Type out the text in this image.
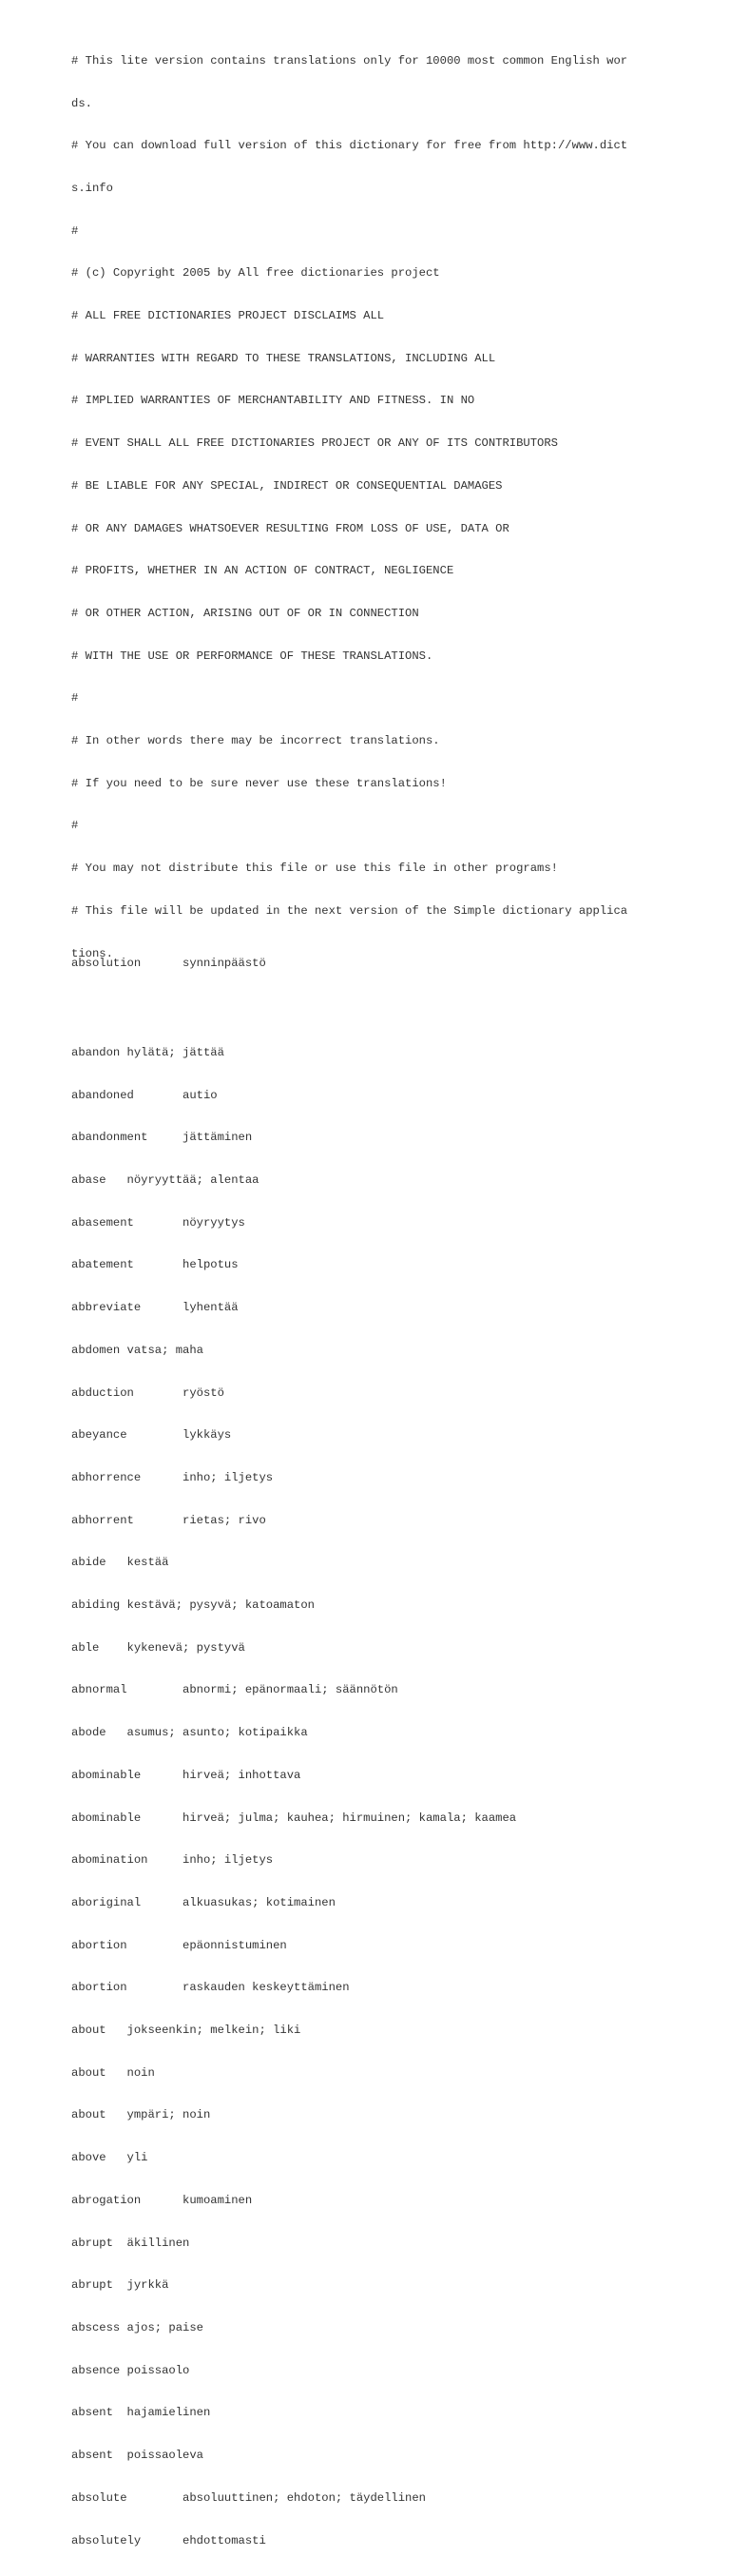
# This lite version contains translations only for 10000 most common English wor

ds.

# You can download full version of this dictionary for free from http://www.dict

s.info

#

# (c) Copyright 2005 by All free dictionaries project

# ALL FREE DICTIONARIES PROJECT DISCLAIMS ALL

# WARRANTIES WITH REGARD TO THESE TRANSLATIONS, INCLUDING ALL

# IMPLIED WARRANTIES OF MERCHANTABILITY AND FITNESS. IN NO

# EVENT SHALL ALL FREE DICTIONARIES PROJECT OR ANY OF ITS CONTRIBUTORS

# BE LIABLE FOR ANY SPECIAL, INDIRECT OR CONSEQUENTIAL DAMAGES

# OR ANY DAMAGES WHATSOEVER RESULTING FROM LOSS OF USE, DATA OR

# PROFITS, WHETHER IN AN ACTION OF CONTRACT, NEGLIGENCE

# OR OTHER ACTION, ARISING OUT OF OR IN CONNECTION

# WITH THE USE OR PERFORMANCE OF THESE TRANSLATIONS.

#

# In other words there may be incorrect translations.

# If you need to be sure never use these translations!

#

# You may not distribute this file or use this file in other programs!

# This file will be updated in the next version of the Simple dictionary applica

tions.

abandon hylätä; jättää

abandoned       autio

abandonment     jättäminen

abase   nöyryyttää; alentaa

abasement       nöyryytys

abatement       helpotus

abbreviate      lyhentää

abdomen vatsa; maha

abduction       ryöstö

abeyance        lykkäys

abhorrence      inho; iljetys

abhorrent       rietas; rivo

abide   kestää

abiding kestävä; pysyvä; katoamaton

able    kykenevä; pystyvä

abnormal        abnormi; epänormaali; säännötön

abode   asumus; asunto; kotipaikka

abominable      hirveä; inhottava

abominable      hirveä; julma; kauhea; hirmuinen; kamala; kaamea

abomination     inho; iljetys

aboriginal      alkuasukas; kotimainen

abortion        epäonnistuminen

abortion        raskauden keskeyttäminen

about   jokseenkin; melkein; liki

about   noin

about   ympäri; noin

above   yli

abrogation      kumoaminen

abrupt  äkillinen

abrupt  jyrkkä

abscess ajos; paise

absence poissaolo

absent  hajamielinen

absent  poissaoleva

absolute        absoluuttinen; ehdoton; täydellinen

absolutely      ehdottomasti

absolution      synninpäästö
